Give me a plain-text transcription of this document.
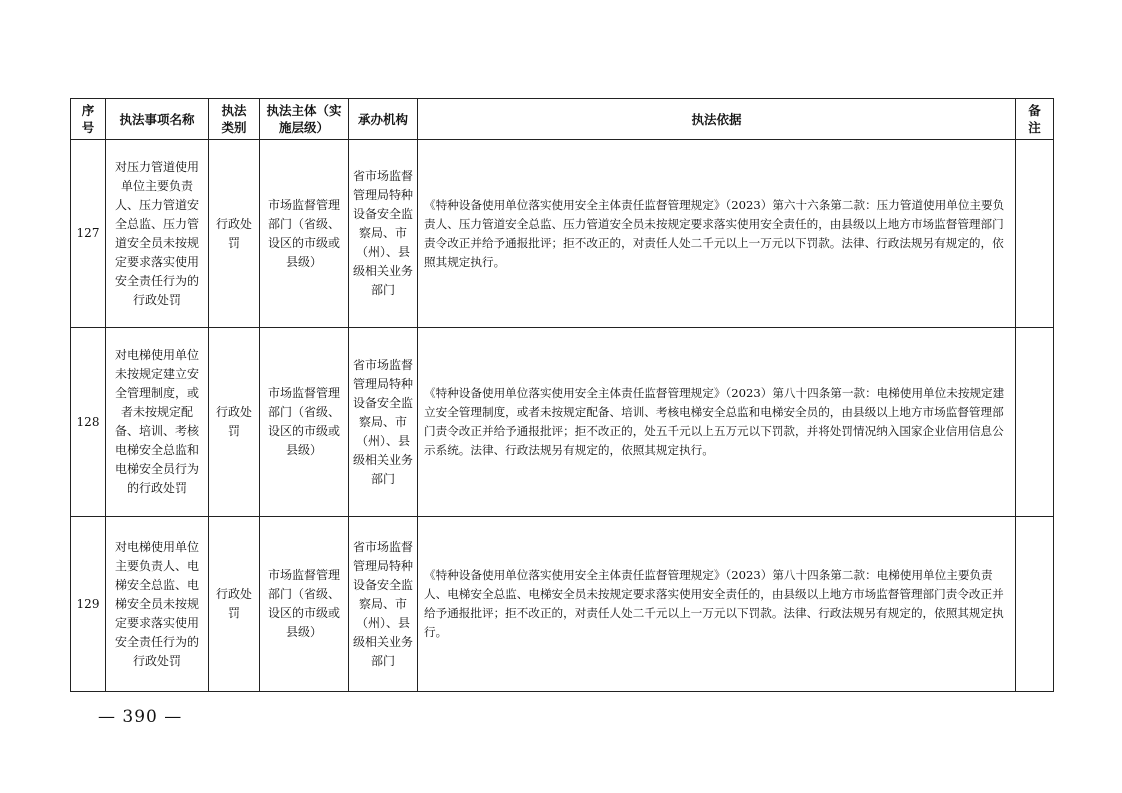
序号	执法事项名称	执法类别	执法主体（实施层级）	承办机构	执法依据	备注
127	对压力管道使用单位主要负责人、压力管道安全总监、压力管道安全员未按规定要求落实使用安全责任行为的行政处罚	行政处罚	市场监督管理部门（省级、设区的市级或县级）	省市场监督管理局特种设备安全监察局、市（州）、县级相关业务部门	《特种设备使用单位落实使用安全主体责任监督管理规定》（2023）第六十六条第二款：压力管道使用单位主要负责人、压力管道安全总监、压力管道安全员未按规定要求落实使用安全责任的，由县级以上地方市场监督管理部门责令改正并给予通报批评；拒不改正的，对责任人处二千元以上一万元以下罚款。法律、行政法规另有规定的，依照其规定执行。	
128	对电梯使用单位未按规定建立安全管理制度，或者未按规定配备、培训、考核电梯安全总监和电梯安全员行为的行政处罚	行政处罚	市场监督管理部门（省级、设区的市级或县级）	省市场监督管理局特种设备安全监察局、市（州）、县级相关业务部门	《特种设备使用单位落实使用安全主体责任监督管理规定》（2023）第八十四条第一款：电梯使用单位未按规定建立安全管理制度，或者未按规定配备、培训、考核电梯安全总监和电梯安全员的，由县级以上地方市场监督管理部门责令改正并给予通报批评；拒不改正的，处五千元以上五万元以下罚款，并将处罚情况纳入国家企业信用信息公示系统。法律、行政法规另有规定的，依照其规定执行。	
129	对电梯使用单位主要负责人、电梯安全总监、电梯安全员未按规定要求落实使用安全责任行为的行政处罚	行政处罚	市场监督管理部门（省级、设区的市级或县级）	省市场监督管理局特种设备安全监察局、市（州）、县级相关业务部门	《特种设备使用单位落实使用安全主体责任监督管理规定》（2023）第八十四条第二款：电梯使用单位主要负责人、电梯安全总监、电梯安全员未按规定要求落实使用安全责任的，由县级以上地方市场监督管理部门责令改正并给予通报批评；拒不改正的，对责任人处二千元以上一万元以下罚款。法律、行政法规另有规定的，依照其规定执行。	
— 390 —
